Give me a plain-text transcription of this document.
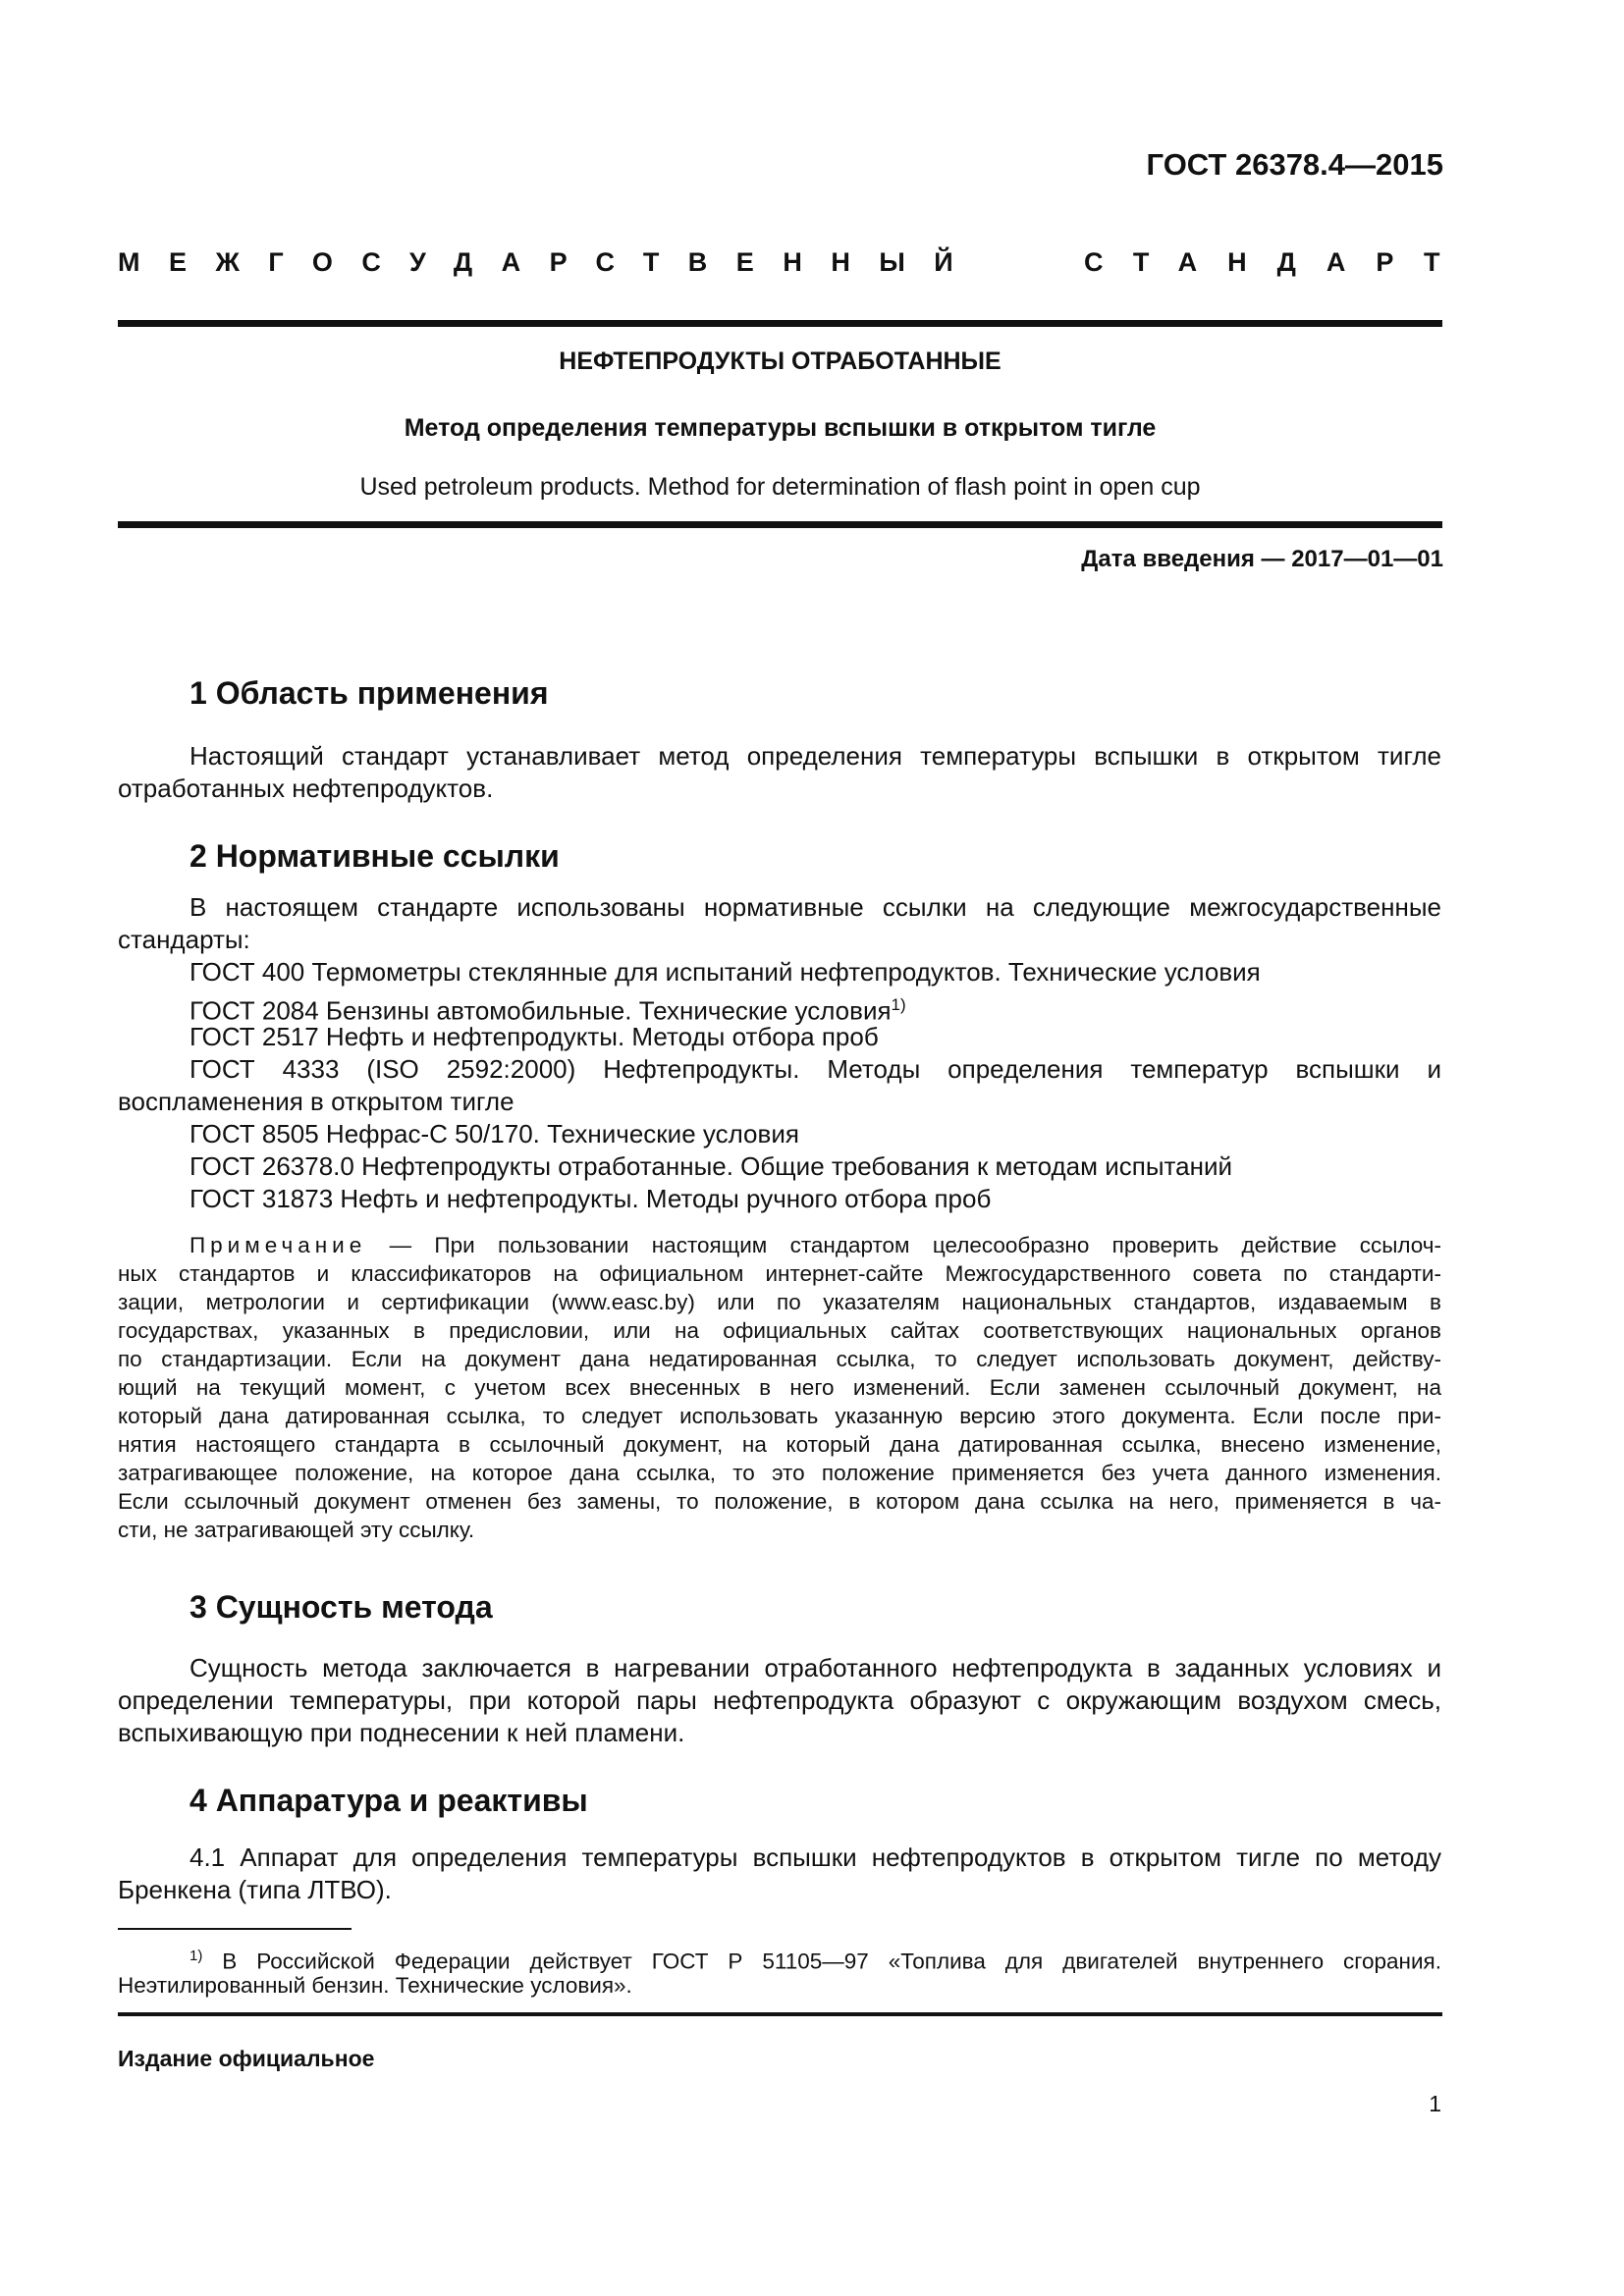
ГОСТ 26378.4—2015
МЕЖГОСУДАРСТВЕННЫЙ	СТАНДАРТ
НЕФТЕПРОДУКТЫ ОТРАБОТАННЫЕ
Метод определения температуры вспышки в открытом тигле
Used petroleum products. Method for determination of flash point in open cup
Дата введения — 2017—01—01
1 Область применения
Настоящий стандарт устанавливает метод определения температуры вспышки в открытом тигле
отработанных нефтепродуктов.
2 Нормативные ссылки
В настоящем стандарте использованы нормативные ссылки на следующие межгосударственные
стандарты:
ГОСТ 400 Термометры стеклянные для испытаний нефтепродуктов. Технические условия
ГОСТ 2084 Бензины автомобильные. Технические условия$^{1)}$
ГОСТ 2517 Нефть и нефтепродукты. Методы отбора проб
ГОСТ 4333 (ISO 2592:2000) Нефтепродукты. Методы определения температур вспышки и
воспламенения в открытом тигле
ГОСТ 8505 Нефрас-С 50/170. Технические условия
ГОСТ 26378.0 Нефтепродукты отработанные. Общие требования к методам испытаний
ГОСТ 31873 Нефть и нефтепродукты. Методы ручного отбора проб
Примечание — При пользовании настоящим стандартом целесообразно проверить действие ссылоч-
ных стандартов и классификаторов на официальном интернет-сайте Межгосударственного совета по стандарти-
зации, метрологии и сертификации (www.easc.by) или по указателям национальных стандартов, издаваемым в
государствах, указанных в предисловии, или на официальных сайтах соответствующих национальных органов
по стандартизации. Если на документ дана недатированная ссылка, то следует использовать документ, действу-
ющий на текущий момент, с учетом всех внесенных в него изменений. Если заменен ссылочный документ, на
который дана датированная ссылка, то следует использовать указанную версию этого документа. Если после при-
нятия настоящего стандарта в ссылочный документ, на который дана датированная ссылка, внесено изменение,
затрагивающее положение, на которое дана ссылка, то это положение применяется без учета данного изменения.
Если ссылочный документ отменен без замены, то положение, в котором дана ссылка на него, применяется в ча-
сти, не затрагивающей эту ссылку.
3 Сущность метода
Сущность метода заключается в нагревании отработанного нефтепродукта в заданных условиях и
определении температуры, при которой пары нефтепродукта образуют с окружающим воздухом смесь,
вспыхивающую при поднесении к ней пламени.
4 Аппаратура и реактивы
4.1 Аппарат для определения температуры вспышки нефтепродуктов в открытом тигле по методу
Бренкена (типа ЛТВО).
$^{1)}$ В Российской Федерации действует ГОСТ Р 51105—97 «Топлива для двигателей внутреннего сгорания.
Неэтилированный бензин. Технические условия».
Издание официальное
1
